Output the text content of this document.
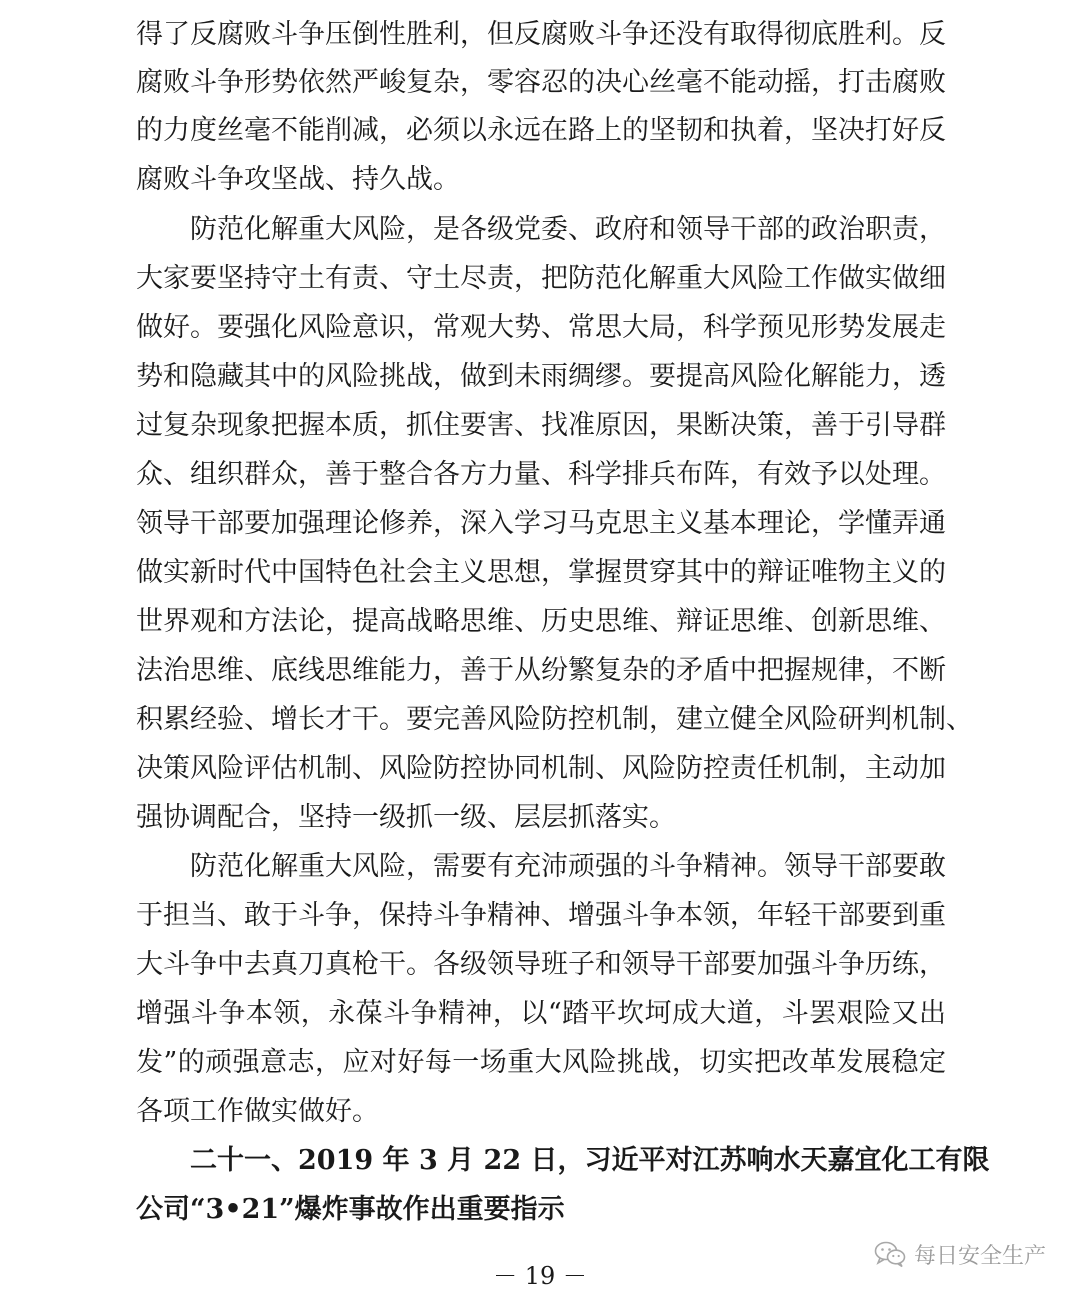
得了反腐败斗争压倒性胜利，但反腐败斗争还没有取得彻底胜利。反
腐败斗争形势依然严峻复杂，零容忍的决心丝毫不能动摇，打击腐败
的力度丝毫不能削减，必须以永远在路上的坚韧和执着，坚决打好反
腐败斗争攻坚战、持久战。
防范化解重大风险，是各级党委、政府和领导干部的政治职责，
大家要坚持守土有责、守土尽责，把防范化解重大风险工作做实做细
做好。要强化风险意识，常观大势、常思大局，科学预见形势发展走
势和隐藏其中的风险挑战，做到未雨绸缪。要提高风险化解能力，透
过复杂现象把握本质，抓住要害、找准原因，果断决策，善于引导群
众、组织群众，善于整合各方力量、科学排兵布阵，有效予以处理。
领导干部要加强理论修养，深入学习马克思主义基本理论，学懂弄通
做实新时代中国特色社会主义思想，掌握贯穿其中的辩证唯物主义的
世界观和方法论，提高战略思维、历史思维、辩证思维、创新思维、
法治思维、底线思维能力，善于从纷繁复杂的矛盾中把握规律，不断
积累经验、增长才干。要完善风险防控机制，建立健全风险研判机制、
决策风险评估机制、风险防控协同机制、风险防控责任机制，主动加
强协调配合，坚持一级抓一级、层层抓落实。
防范化解重大风险，需要有充沛顽强的斗争精神。领导干部要敢
于担当、敢于斗争，保持斗争精神、增强斗争本领，年轻干部要到重
大斗争中去真刀真枪干。各级领导班子和领导干部要加强斗争历练，
增强斗争本领，永葆斗争精神，以“踏平坎坷成大道，斗罢艰险又出
发”的顽强意志，应对好每一场重大风险挑战，切实把改革发展稳定
各项工作做实做好。
二十一、2019 年 3 月 22 日，习近平对江苏响水天嘉宜化工有限
公司“3•21”爆炸事故作出重要指示
每日安全生产
－ 19 －
